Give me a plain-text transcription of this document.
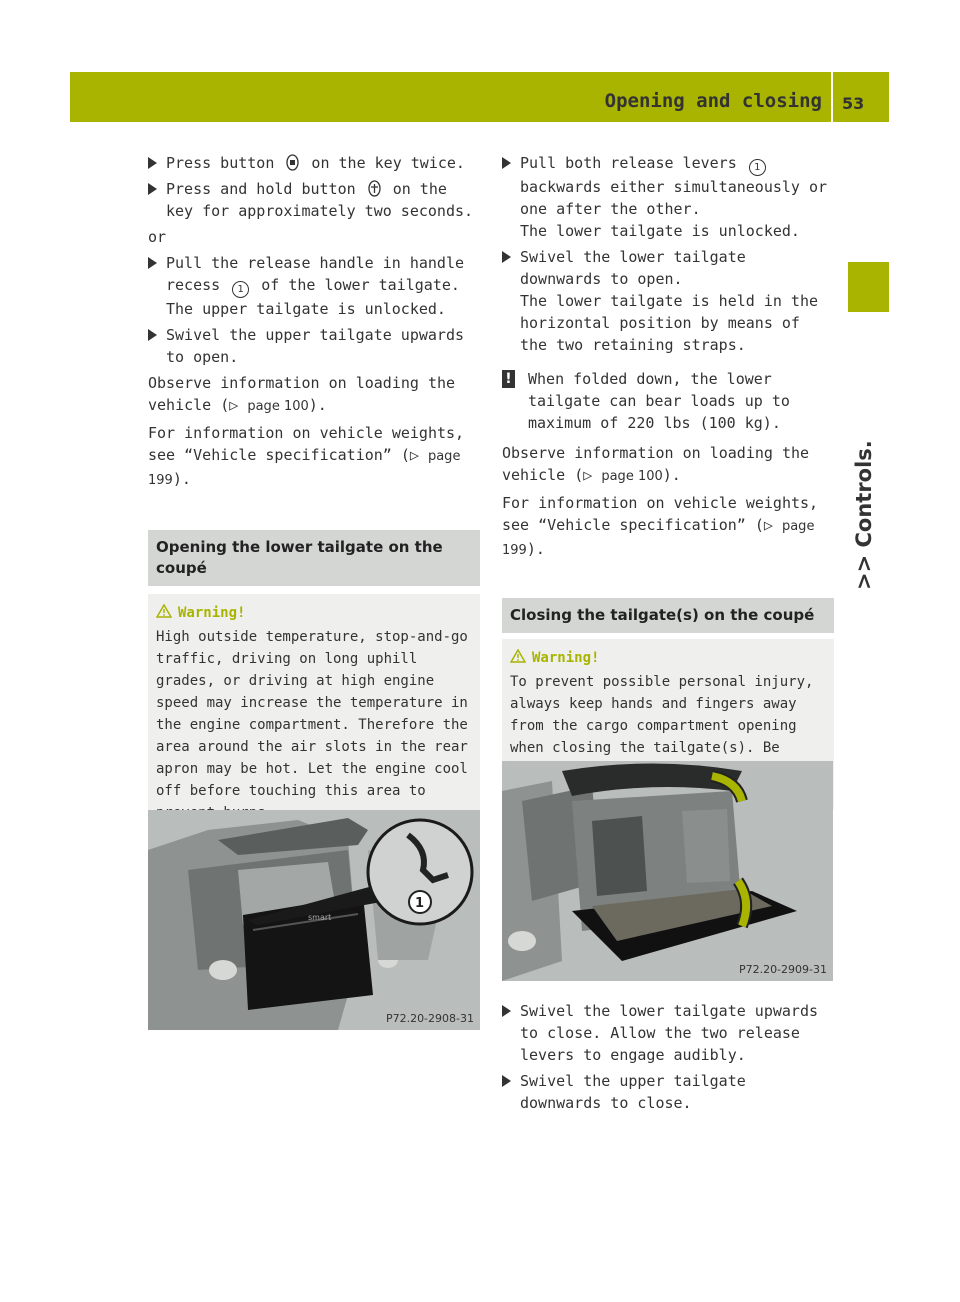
Opening and closing 53
>> Controls.
Press button  on the key twice.
Press and hold button  on the key for approximately two seconds.

or

Pull the release handle in handle recess 1 of the lower tailgate.

The upper tailgate is unlocked.

Swivel the upper tailgate upwards to open.

Observe information on loading the vehicle (▷ page 100).

For information on vehicle weights, see “Vehicle specification” (▷ page 199).

Opening the lower tailgate on the coupé
Warning!
High outside temperature, stop-and-go traffic, driving on long uphill grades, or driving at high engine speed may increase the temperature in the engine compartment. Therefore the area around the air slots in the rear apron may be hot. Let the engine cool off before touching this area to
smart
1
P72.20-2908-31
Pull both release levers 1 backwards either simultaneously or one after the other.

The lower tailgate is unlocked.

Swivel the lower tailgate downwards to open.

The lower tailgate is held in the horizontal position by means of the two retaining straps.

! When folded down, the lower tailgate can bear loads up to maximum of 220 lbs (100 kg).

Observe information on loading the vehicle (▷ page 100).

For information on vehicle weights, see “Vehicle specification” (▷ page 199).

Closing the tailgate(s) on the coupé
Warning!
To prevent possible personal injury, always keep hands and fingers away from the cargo compartment opening when closing the tailgate(s). Be
P72.20-2909-31
Swivel the lower tailgate upwards to close. Allow the two release levers to engage audibly.
Swivel the upper tailgate downwards to close.
